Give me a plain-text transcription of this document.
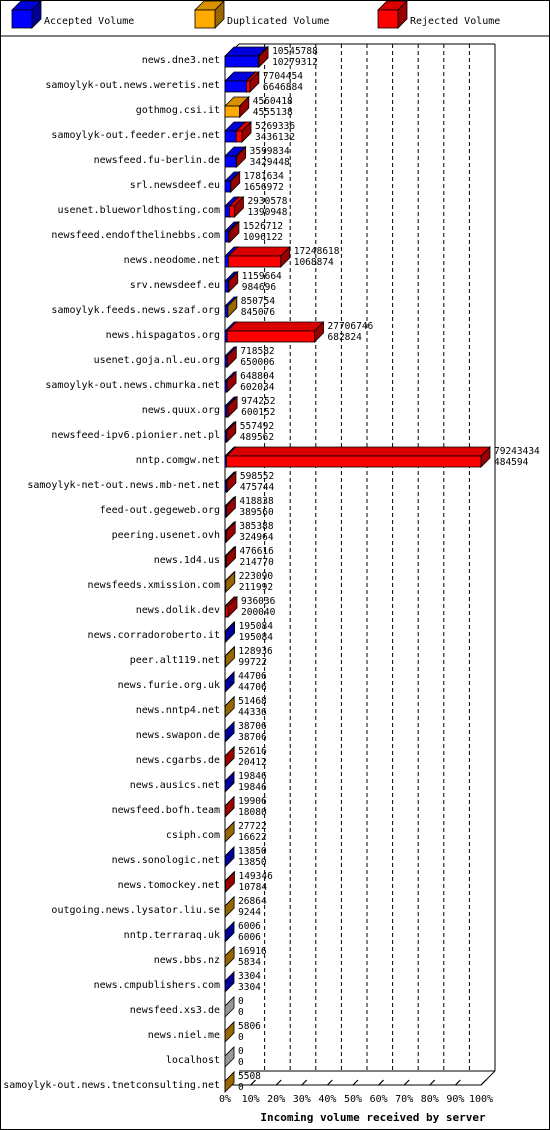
Accepted Volume	Duplicated Volume	Rejected Volume
0% 10% 20% 30% 40% 50% 60% 70% 80% 90% 100%
Incoming volume received by server
news.dne3.net
10545788
10279312
samoylyk-out.news.weretis.net
7704454
6646884
gothmog.csi.it
4560418
4555138
samoylyk-out.feeder.erje.net
5269336
3436132
newsfeed.fu-berlin.de
3599834
3429448
srl.newsdeef.eu
1781634
1656972
usenet.blueworldhosting.com
2930578
1390948
newsfeed.endofthelinebbs.com
1526712
1096122
news.neodome.net
17248618
1068874
srv.newsdeef.eu
1159664
984696
samoylyk.feeds.news.szaf.org
850754
845076
news.hispagatos.org
27706746
682824
usenet.goja.nl.eu.org
718582
650006
samoylyk-out.news.chmurka.net
648804
602034
news.quux.org
974252
600152
newsfeed-ipv6.pionier.net.pl
557492
489562
nntp.comgw.net
79243434
484594
samoylyk-net-out.news.mb-net.net
598552
475744
feed-out.gegeweb.org
418838
389560
peering.usenet.ovh
385388
324964
news.1d4.us
476616
214770
newsfeeds.xmission.com
223090
211992
news.dolik.dev
936036
200040
news.corradoroberto.it
195084
195084
peer.alt119.net
128936
99722
news.furie.org.uk
44706
44706
news.nntp4.net
51468
44336
news.swapon.de
38706
38706
news.cgarbs.de
52616
20412
news.ausics.net
19846
19846
newsfeed.bofh.team
19906
18080
csiph.com
27722
16622
news.sonologic.net
13850
13850
news.tomockey.net
149346
10784
outgoing.news.lysator.liu.se
26864
9244
nntp.terraraq.uk
6006
6006
news.bbs.nz
16916
5834
news.cmpublishers.com
3304
3304
newsfeed.xs3.de
0
0
news.niel.me
5806
0
localhost
0
0
samoylyk-out.news.tnetconsulting.net
5508
0
